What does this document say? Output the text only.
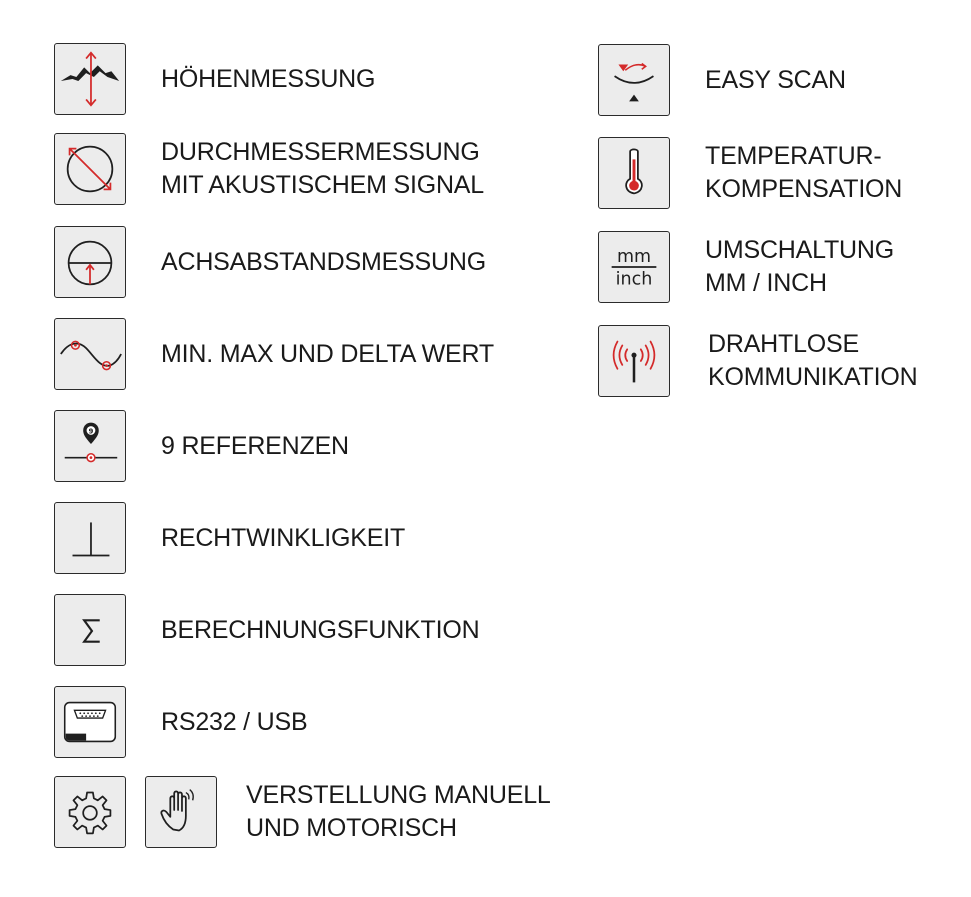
HÖHENMESSUNG
DURCHMESSERMESSUNG
MIT AKUSTISCHEM SIGNAL
ACHSABSTANDSMESSUNG
MIN. MAX UND DELTA WERT
9
9 REFERENZEN
RECHTWINKLIGKEIT
BERECHNUNGSFUNKTION
RS232 / USB
VERSTELLUNG MANUELL
UND MOTORISCH
EASY SCAN
TEMPERATUR-
KOMPENSATION
mm
inch
UMSCHALTUNG
MM / INCH
DRAHTLOSE
KOMMUNIKATION
